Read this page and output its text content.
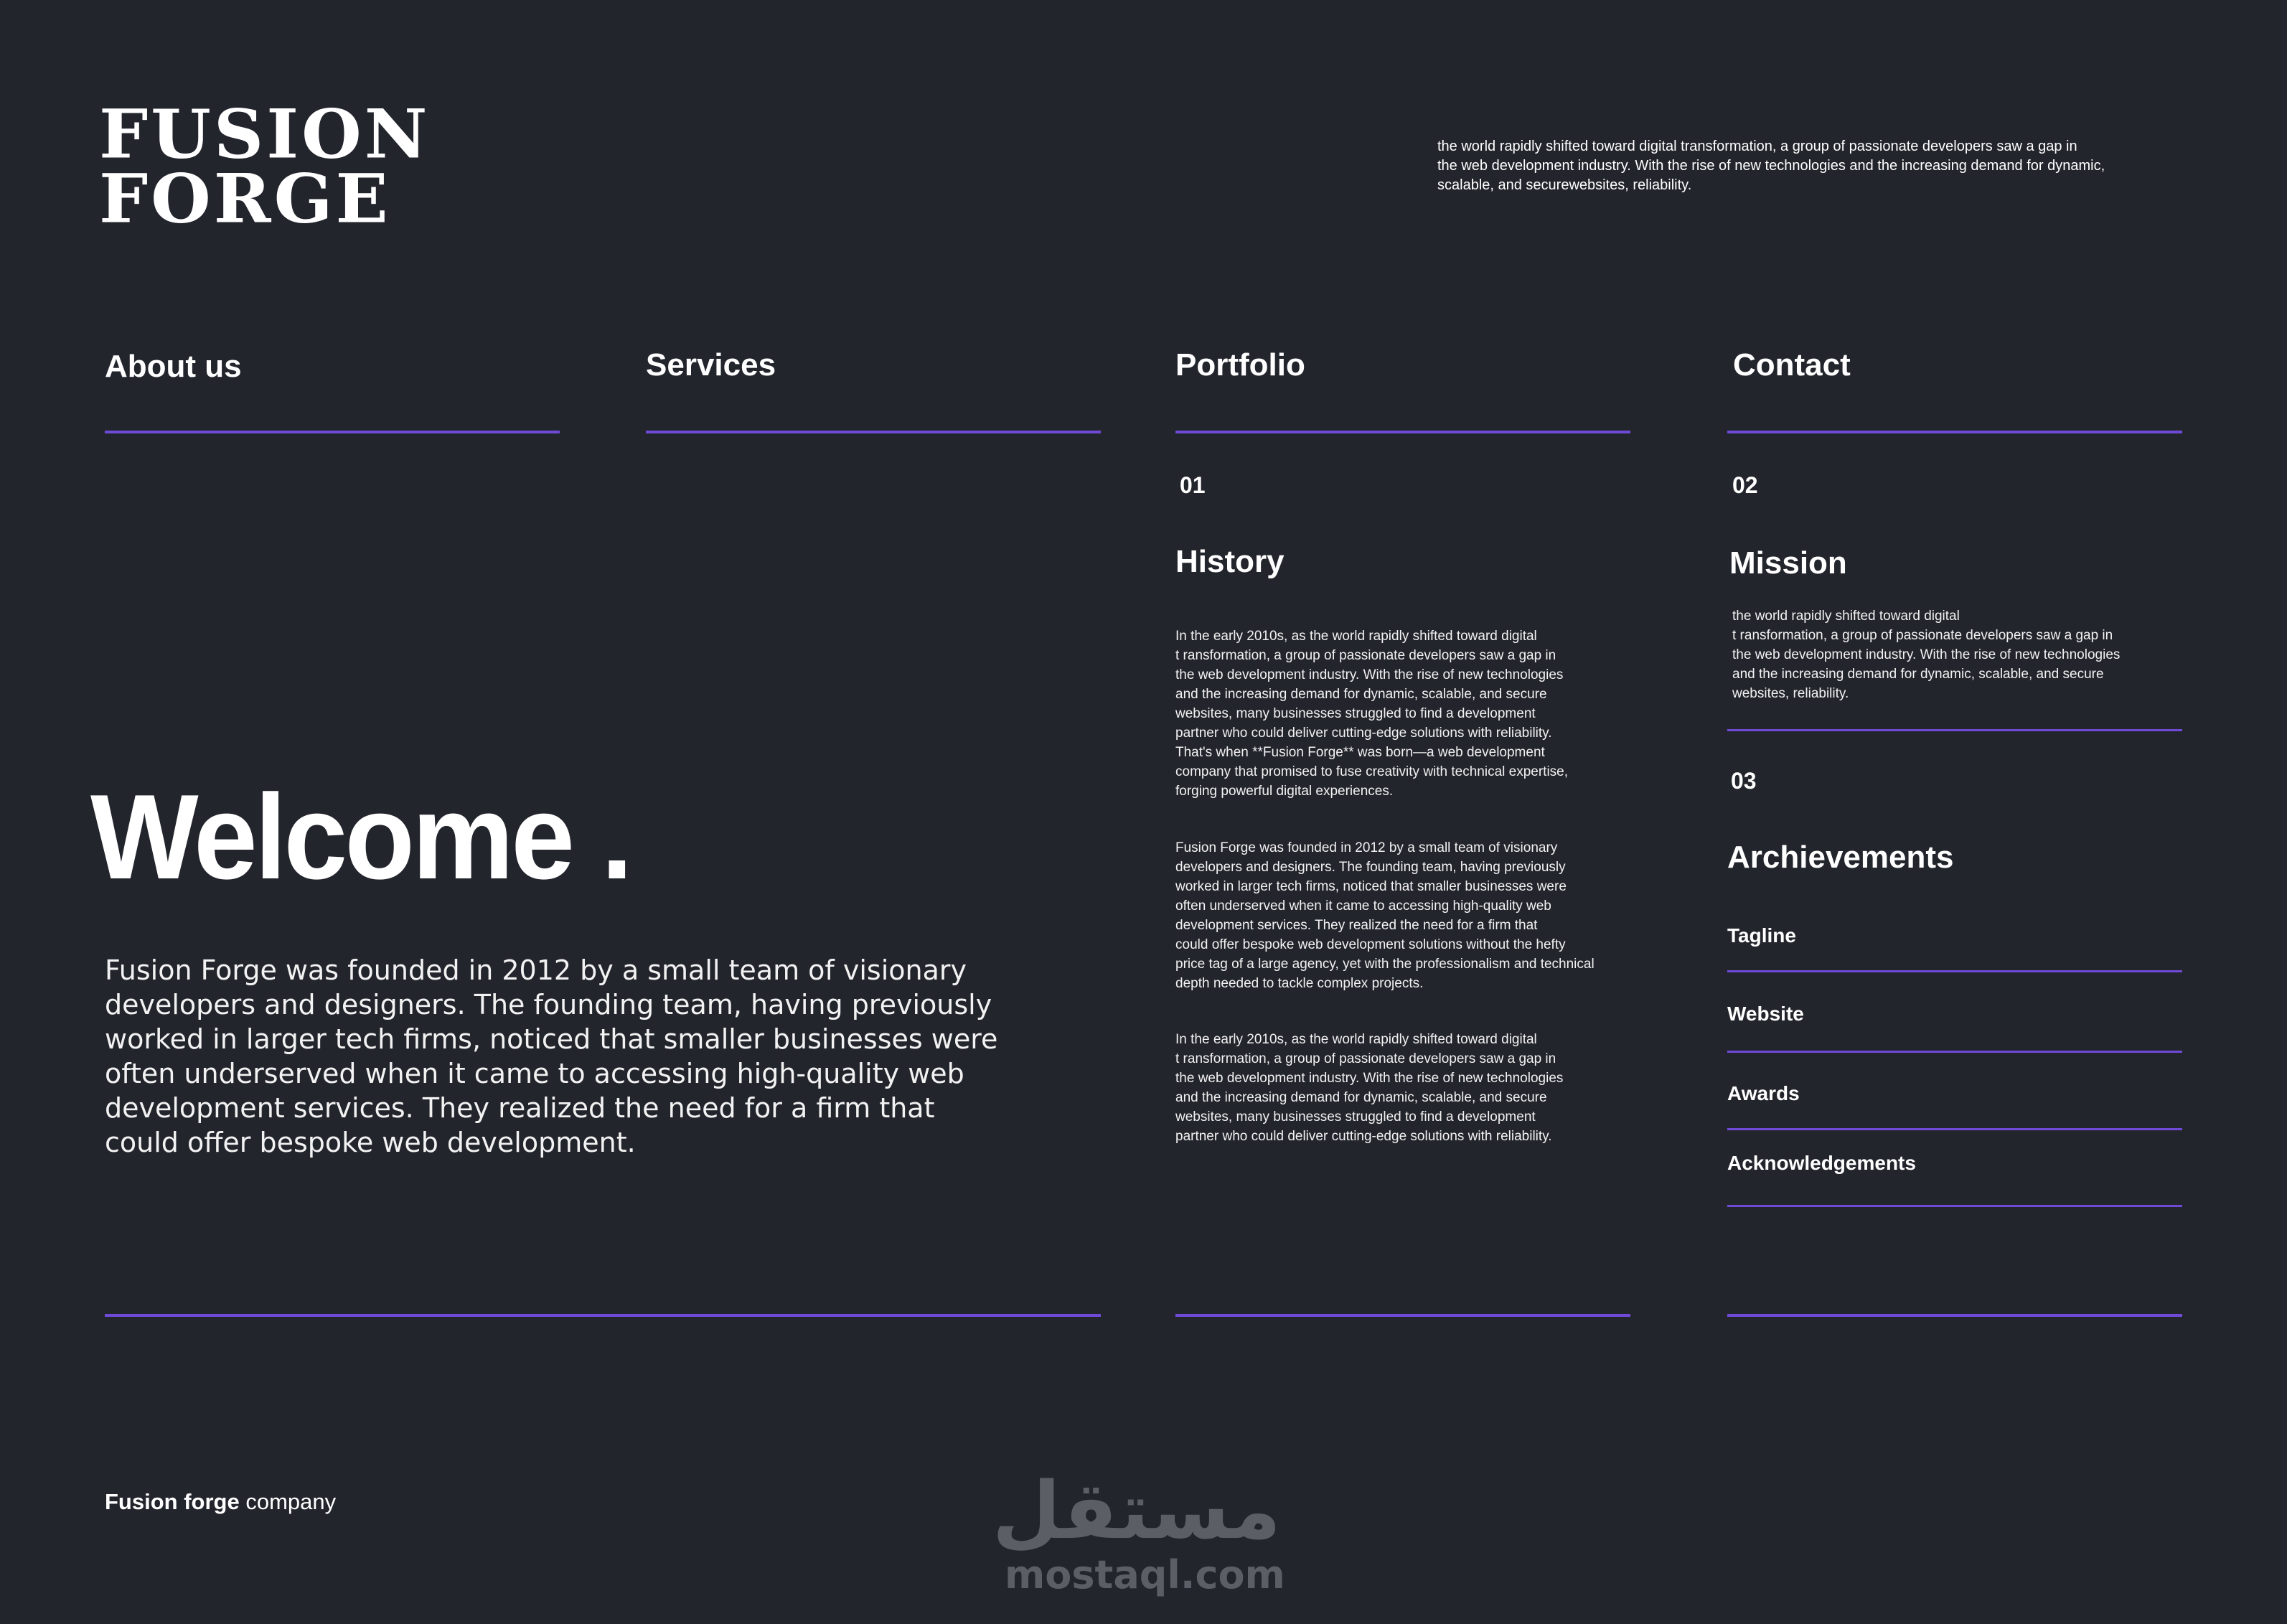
FUSION
FORGE
the world rapidly shifted toward digital transformation, a group of passionate developers saw a gap in
the web development industry. With the rise of new technologies and the increasing demand for dynamic,
scalable, and securewebsites, reliability.
About us	Services	Portfolio	Contact
01
History
In the early 2010s, as the world rapidly shifted toward digital
t ransformation, a group of passionate developers saw a gap in
the web development industry. With the rise of new technologies
and the increasing demand for dynamic, scalable, and secure
websites, many businesses struggled to find a development
partner who could deliver cutting-edge solutions with reliability.
That's when **Fusion Forge** was born—a web development
company that promised to fuse creativity with technical expertise,
forging powerful digital experiences.
Fusion Forge was founded in 2012 by a small team of visionary
developers and designers. The founding team, having previously
worked in larger tech firms, noticed that smaller businesses were
often underserved when it came to accessing high-quality web
development services. They realized the need for a firm that
could offer bespoke web development solutions without the hefty
price tag of a large agency, yet with the professionalism and technical
depth needed to tackle complex projects.
In the early 2010s, as the world rapidly shifted toward digital
t ransformation, a group of passionate developers saw a gap in
the web development industry. With the rise of new technologies
and the increasing demand for dynamic, scalable, and secure
websites, many businesses struggled to find a development
partner who could deliver cutting-edge solutions with reliability.
02
Mission
the world rapidly shifted toward digital
t ransformation, a group of passionate developers saw a gap in
the web development industry. With the rise of new technologies
and the increasing demand for dynamic, scalable, and secure
websites, reliability.
03
Archievements
Tagline
Website
Awards
Acknowledgements
Welcome .
Fusion Forge was founded in 2012 by a small team of visionary
developers and designers. The founding team, having previously
worked in larger tech firms, noticed that smaller businesses were
often underserved when it came to accessing high-quality web
development services. They realized the need for a firm that
could offer bespoke web development.
Fusion forge company	مستقل
mostaql.com
